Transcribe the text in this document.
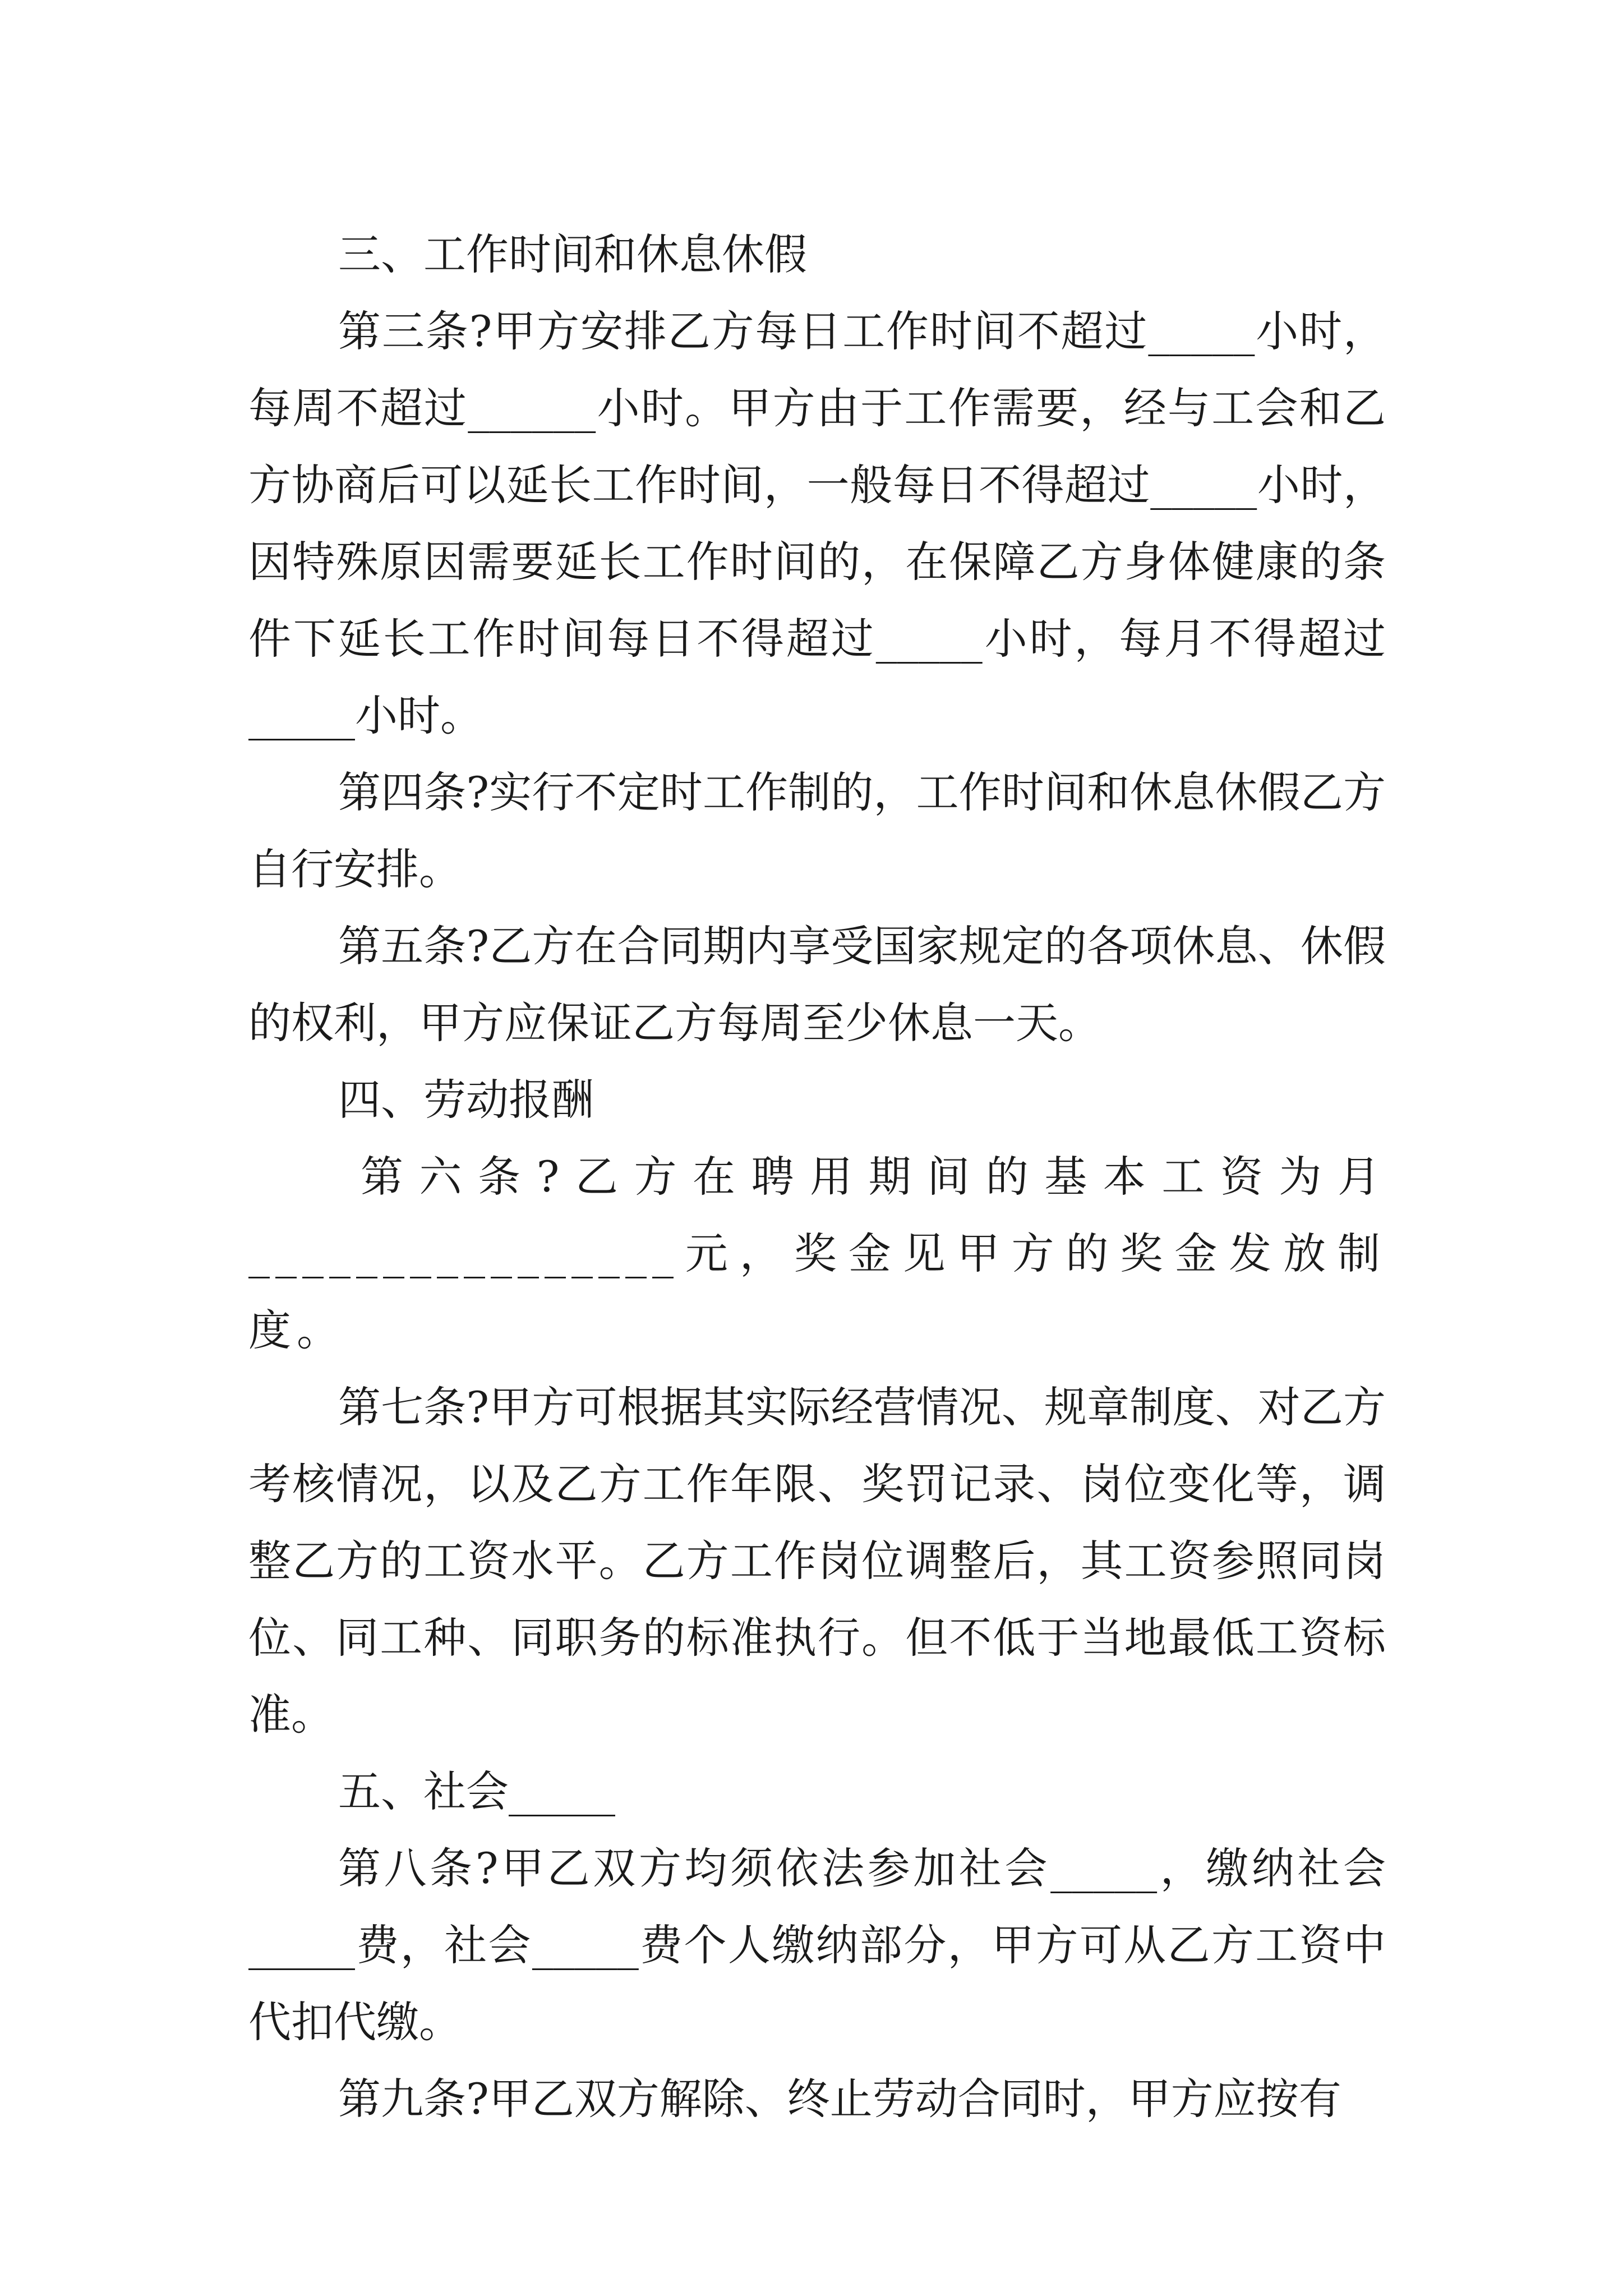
三、工作时间和休息休假

第三条?甲方安排乙方每日工作时间不超过_____小时，每周不超过______小时。甲方由于工作需要，经与工会和乙方协商后可以延长工作时间，一般每日不得超过_____小时，因特殊原因需要延长工作时间的，在保障乙方身体健康的条件下延长工作时间每日不得超过_____小时，每月不得超过_____小时。

第四条?实行不定时工作制的，工作时间和休息休假乙方自行安排。

第五条?乙方在合同期内享受国家规定的各项休息、休假的权利，甲方应保证乙方每周至少休息一天。

四、劳动报酬

第六条?乙方在聘用期间的基本工资为月________________元，奖金见甲方的奖金发放制度。

第七条?甲方可根据其实际经营情况、规章制度、对乙方考核情况，以及乙方工作年限、奖罚记录、岗位变化等，调整乙方的工资水平。乙方工作岗位调整后，其工资参照同岗位、同工种、同职务的标准执行。但不低于当地最低工资标准。

五、社会_____

第八条?甲乙双方均须依法参加社会_____，缴纳社会_____费，社会_____费个人缴纳部分，甲方可从乙方工资中代扣代缴。

第九条?甲乙双方解除、终止劳动合同时，甲方应按有
